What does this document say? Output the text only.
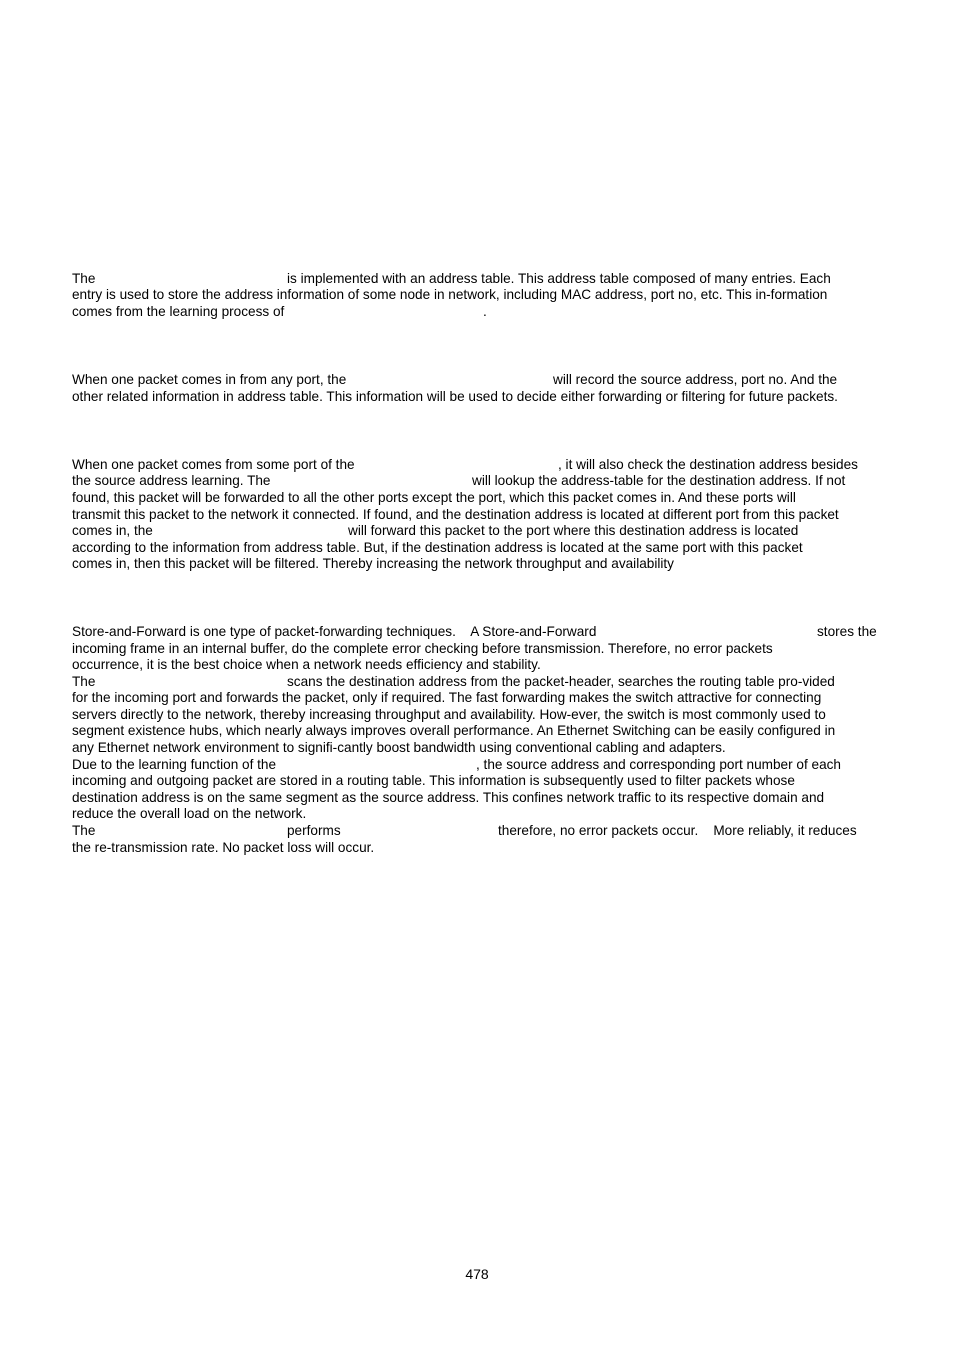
The	is implemented with an address table. This address table composed of many entries. Each
entry is used to store the address information of some node in network, including MAC address, port no, etc. This in-formation
comes from the learning process of	.
When one packet comes in from any port, the	will record the source address, port no. And the
other related information in address table. This information will be used to decide either forwarding or filtering for future packets.
When one packet comes from some port of the	, it will also check the destination address besides
the source address learning. The	will lookup the address-table for the destination address. If not
found, this packet will be forwarded to all the other ports except the port, which this packet comes in. And these ports will
transmit this packet to the network it connected. If found, and the destination address is located at different port from this packet
comes in, the	will forward this packet to the port where this destination address is located
according to the information from address table. But, if the destination address is located at the same port with this packet
comes in, then this packet will be filtered. Thereby increasing the network throughput and availability
Store-and-Forward is one type of packet-forwarding techniques.    A Store-and-Forward	stores the
incoming frame in an internal buffer, do the complete error checking before transmission. Therefore, no error packets
occurrence, it is the best choice when a network needs efficiency and stability.
The	scans the destination address from the packet-header, searches the routing table pro-vided
for the incoming port and forwards the packet, only if required. The fast forwarding makes the switch attractive for connecting
servers directly to the network, thereby increasing throughput and availability. How-ever, the switch is most commonly used to
segment existence hubs, which nearly always improves overall performance. An Ethernet Switching can be easily configured in
any Ethernet network environment to signifi-cantly boost bandwidth using conventional cabling and adapters.
Due to the learning function of the	, the source address and corresponding port number of each
incoming and outgoing packet are stored in a routing table. This information is subsequently used to filter packets whose
destination address is on the same segment as the source address. This confines network traffic to its respective domain and
reduce the overall load on the network.
The	performs	therefore, no error packets occur.    More reliably, it reduces
the re-transmission rate. No packet loss will occur.
478
